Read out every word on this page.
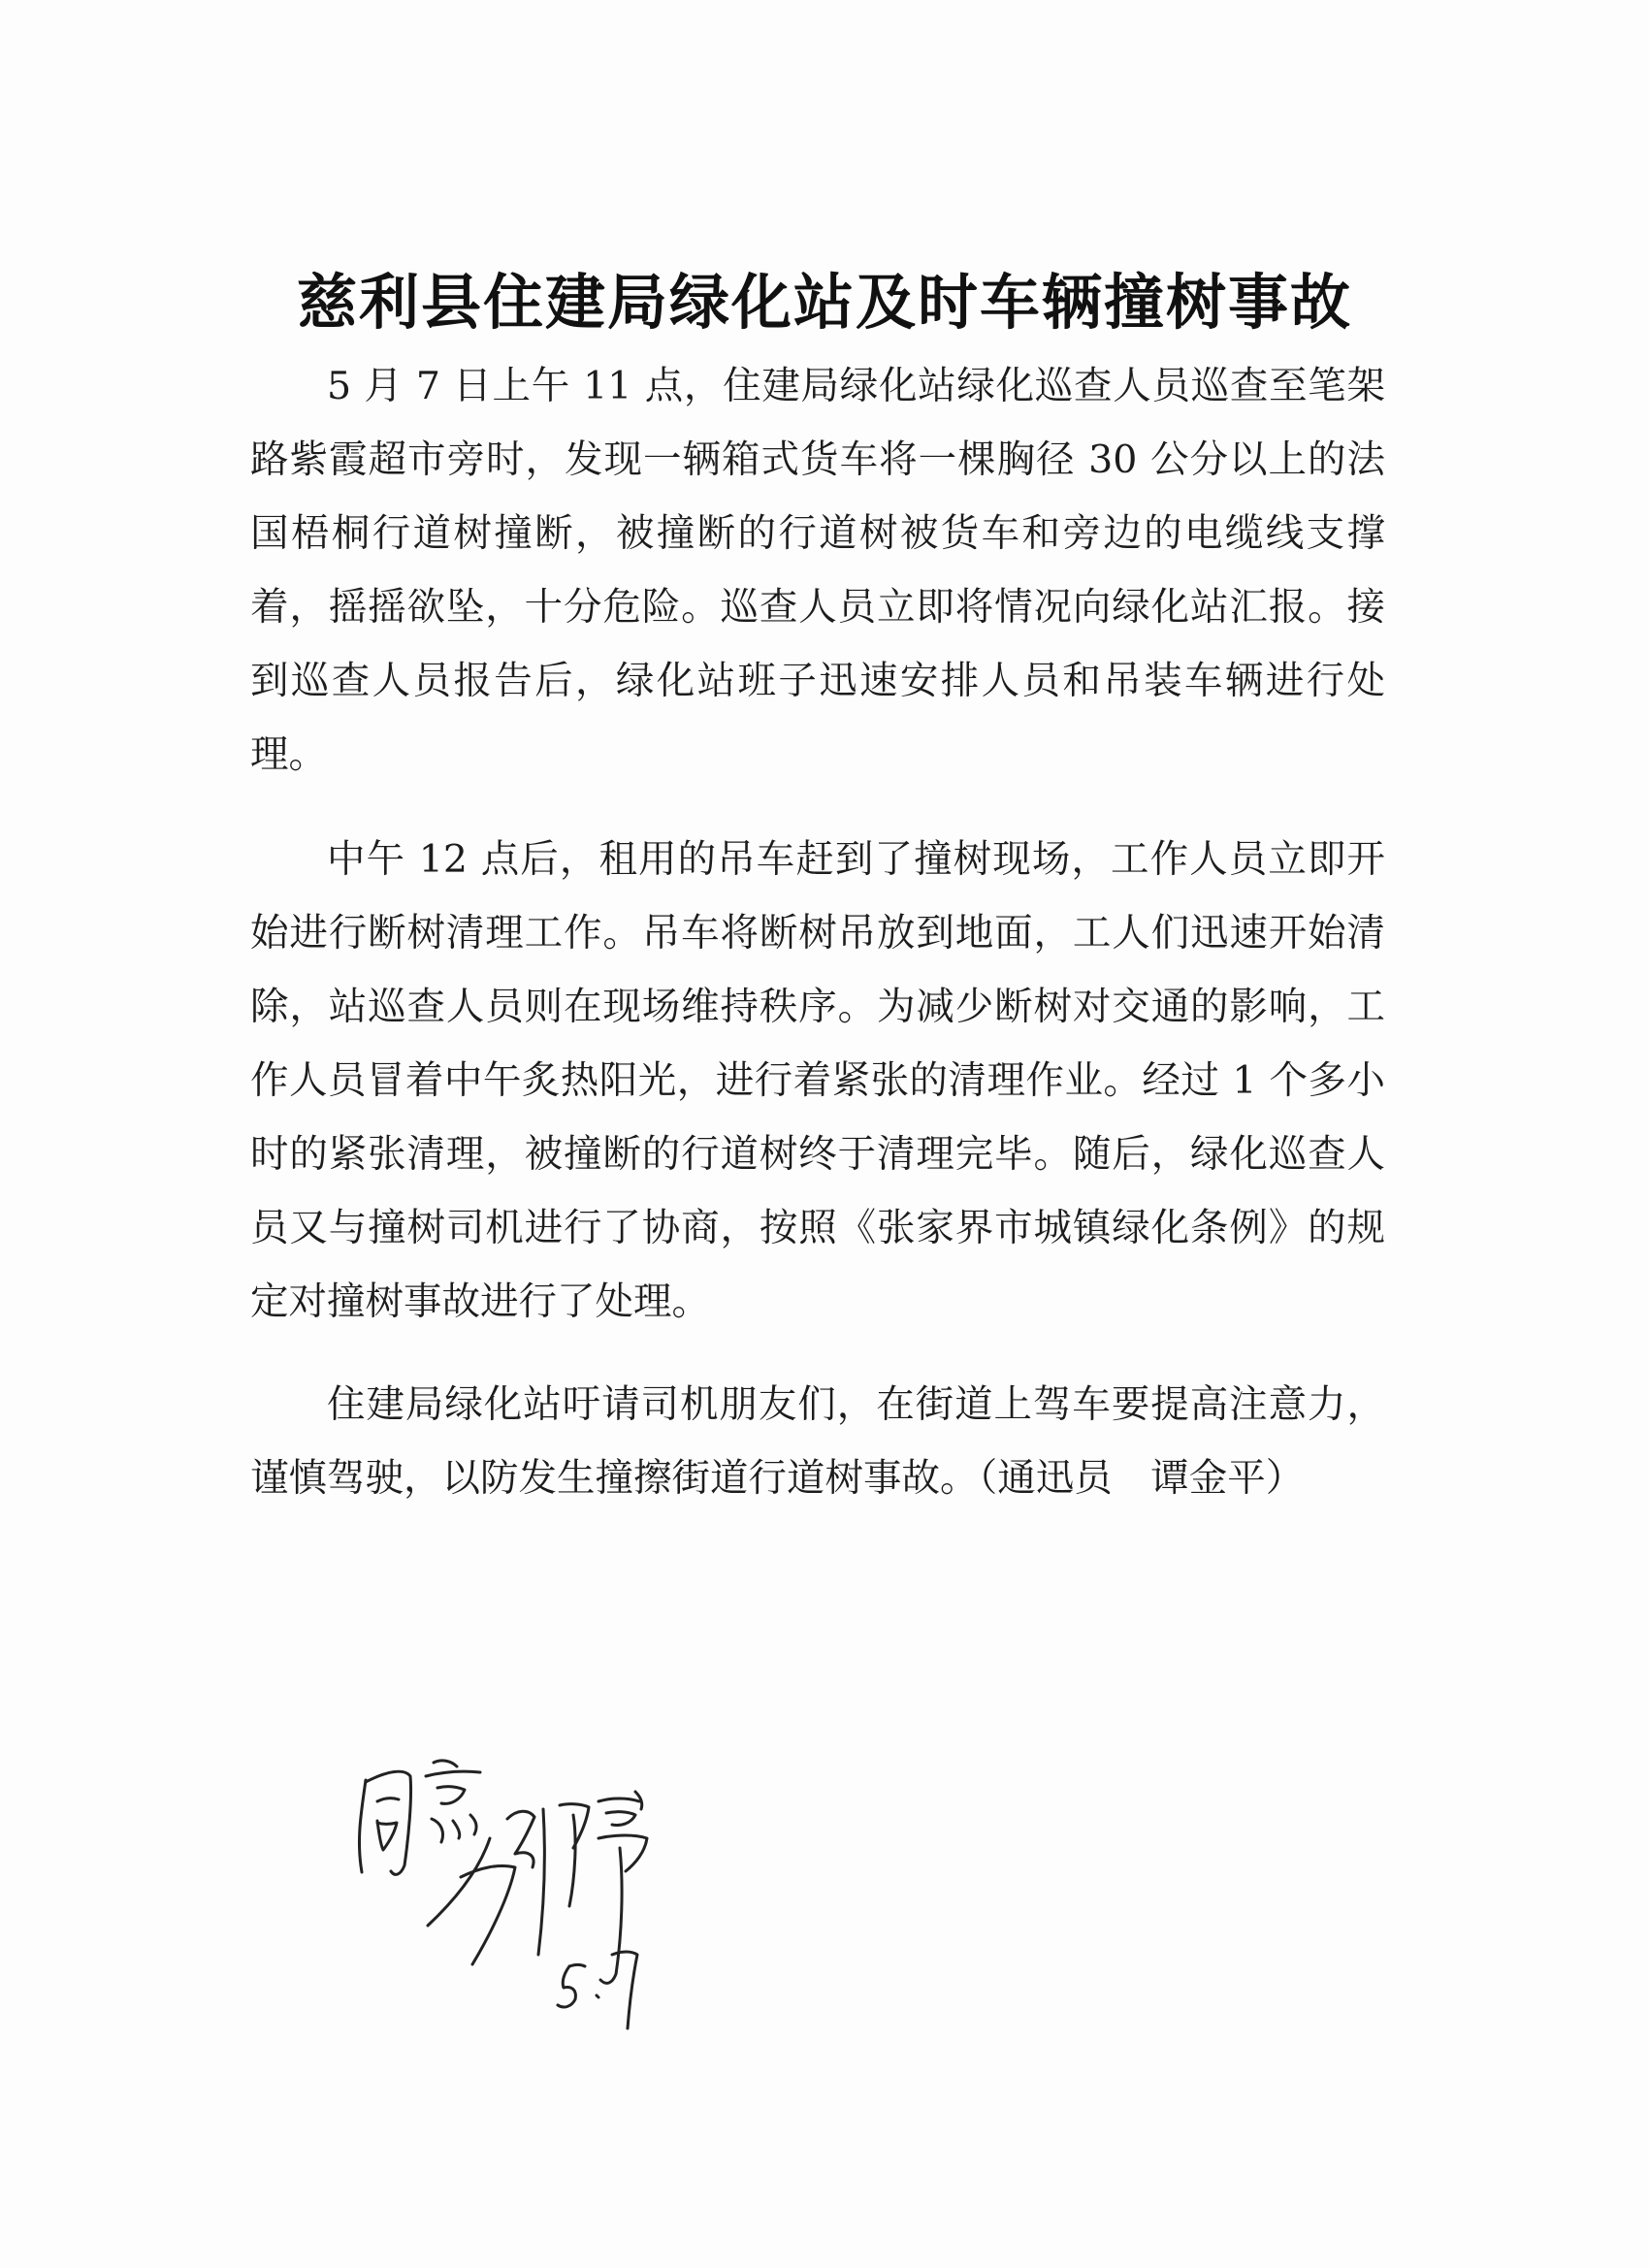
慈利县住建局绿化站及时车辆撞树事故

5 月 7 日上午 11 点，住建局绿化站绿化巡查人员巡查至笔架路紫霞超市旁时，发现一辆箱式货车将一棵胸径 30 公分以上的法国梧桐行道树撞断，被撞断的行道树被货车和旁边的电缆线支撑着，摇摇欲坠，十分危险。巡查人员立即将情况向绿化站汇报。接到巡查人员报告后，绿化站班子迅速安排人员和吊装车辆进行处理。

中午 12 点后，租用的吊车赶到了撞树现场，工作人员立即开始进行断树清理工作。吊车将断树吊放到地面，工人们迅速开始清除，站巡查人员则在现场维持秩序。为减少断树对交通的影响，工作人员冒着中午炙热阳光，进行着紧张的清理作业。经过 1 个多小时的紧张清理，被撞断的行道树终于清理完毕。随后，绿化巡查人员又与撞树司机进行了协商，按照《张家界市城镇绿化条例》的规定对撞树事故进行了处理。

住建局绿化站吁请司机朋友们，在街道上驾车要提高注意力，谨慎驾驶，以防发生撞擦街道行道树事故。（通迅员　谭金平）
